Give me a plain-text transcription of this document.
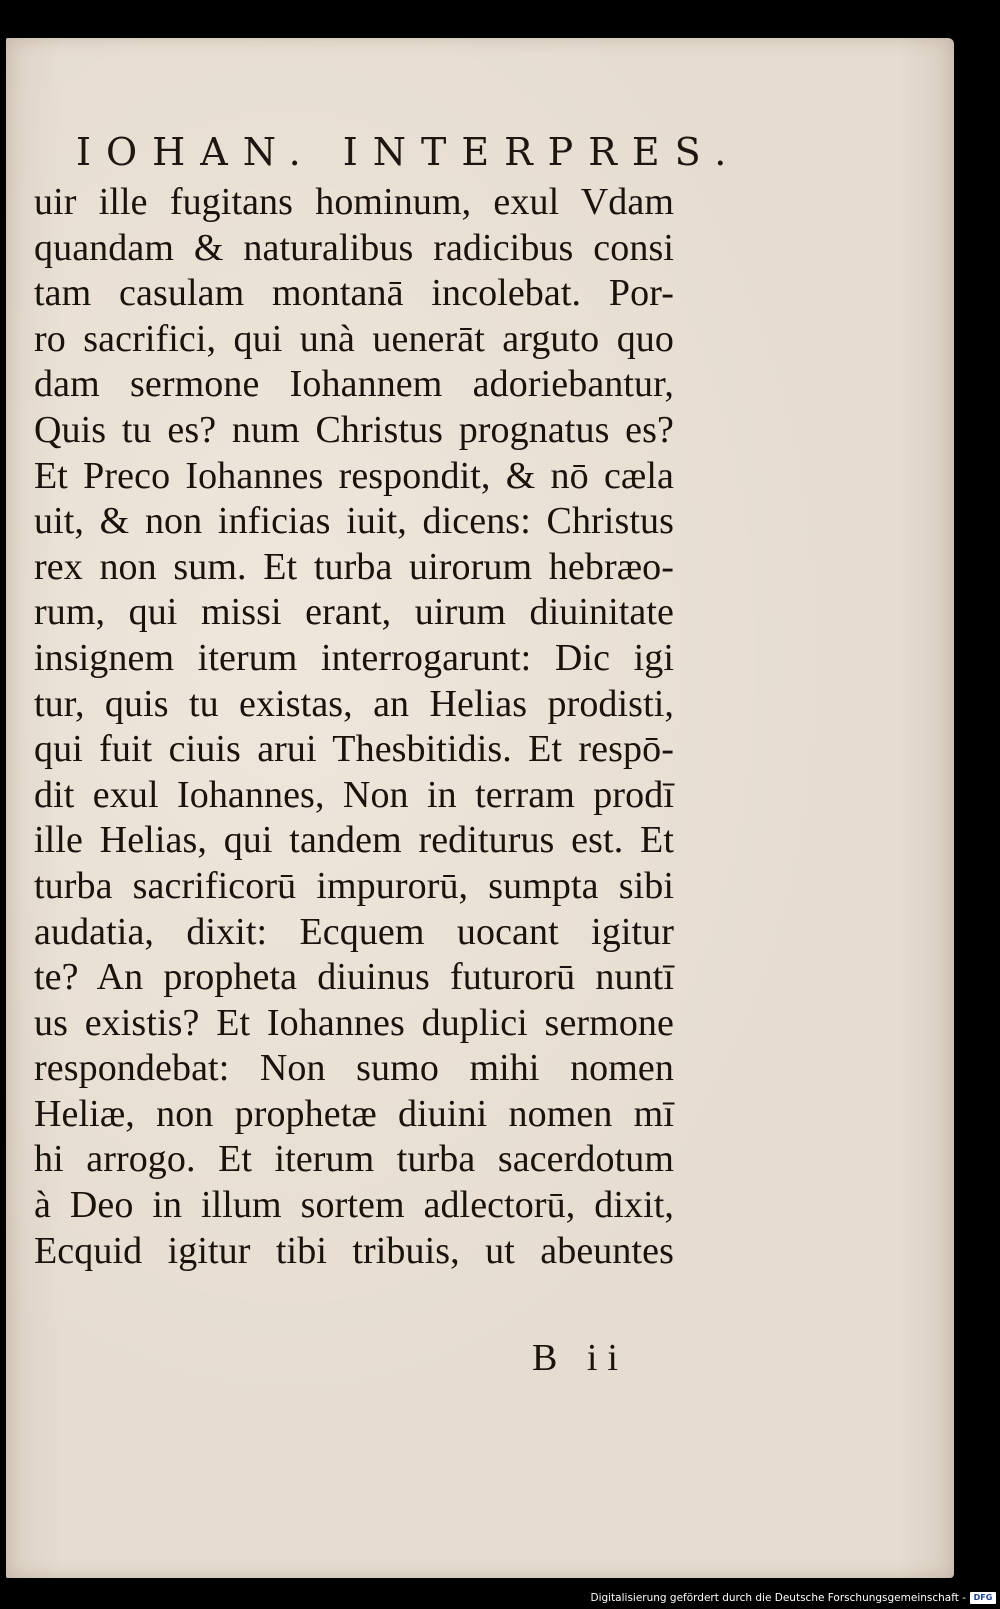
IOHAN. INTERPRES.
uir ille fugitans hominum, exul Vdam
quandam & naturalibus radicibus consi
tam casulam montanā incolebat. Por-
ro sacrifici, qui unà uenerāt arguto quo
dam sermone Iohannem adoriebantur,
Quis tu es? num Christus prognatus es?
Et Preco Iohannes respondit, & nō cæla
uit, & non inficias iuit, dicens: Christus
rex non sum. Et turba uirorum hebræo-
rum, qui missi erant, uirum diuinitate
insignem iterum interrogarunt: Dic igi
tur, quis tu existas, an Helias prodisti,
qui fuit ciuis arui Thesbitidis. Et respō-
dit exul Iohannes, Non in terram prodī
ille Helias, qui tandem rediturus est. Et
turba sacrificorū impurorū, sumpta sibi
audatia, dixit: Ecquem uocant igitur
te? An propheta diuinus futurorū nuntī
us existis? Et Iohannes duplici sermone
respondebat: Non sumo mihi nomen
Heliæ, non prophetæ diuini nomen mī
hi arrogo. Et iterum turba sacerdotum
à Deo in illum sortem adlectorū, dixit,
Ecquid igitur tibi tribuis, ut abeuntes
B ii
Digitalisierung gefördert durch die Deutsche Forschungsgemeinschaft - DFG
